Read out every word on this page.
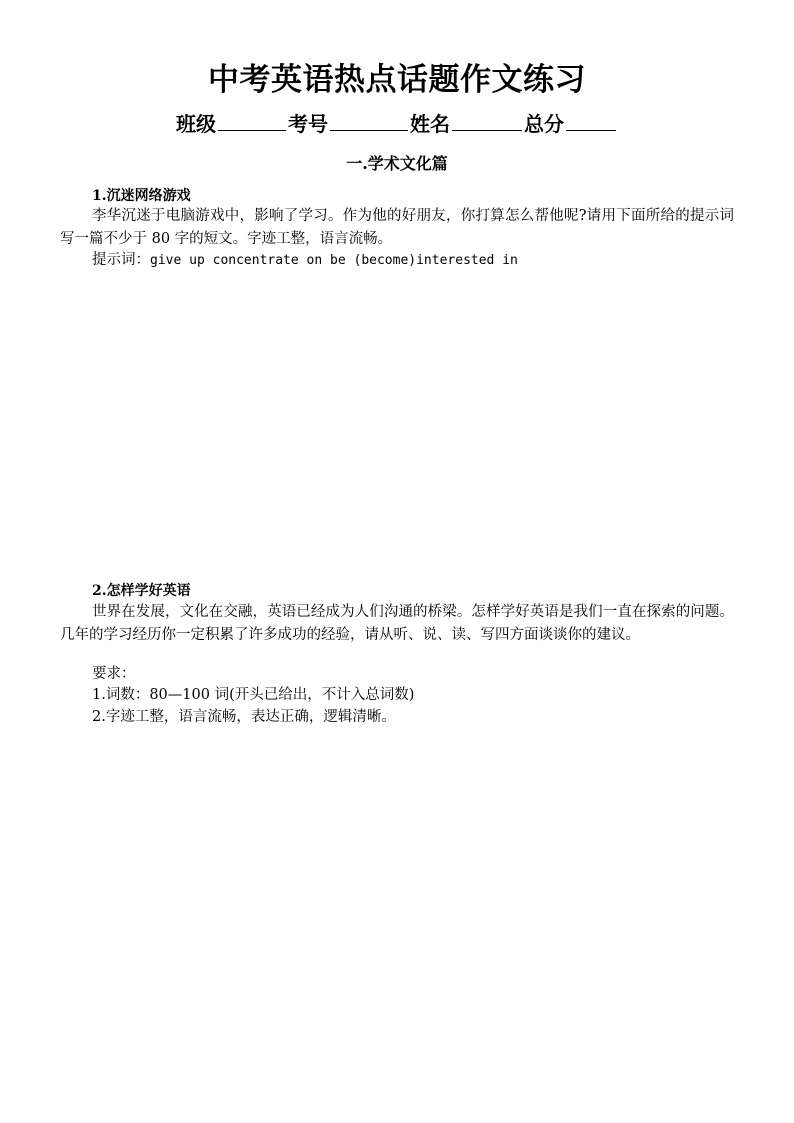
中考英语热点话题作文练习
班级	考号	姓名	总分
一.学术文化篇
1.沉迷网络游戏
李华沉迷于电脑游戏中，影响了学习。作为他的好朋友，你打算怎么帮他呢?请用下面所给的提示词写一篇不少于 80 字的短文。字迹工整，语言流畅。
提示词：give up concentrate on be (become)interested in
2.怎样学好英语
世界在发展，文化在交融，英语已经成为人们沟通的桥梁。怎样学好英语是我们一直在探索的问题。几年的学习经历你一定积累了许多成功的经验，请从听、说、读、写四方面谈谈你的建议。
要求：
1.词数：80—100 词(开头已给出，不计入总词数)
2.字迹工整，语言流畅，表达正确，逻辑清晰。
